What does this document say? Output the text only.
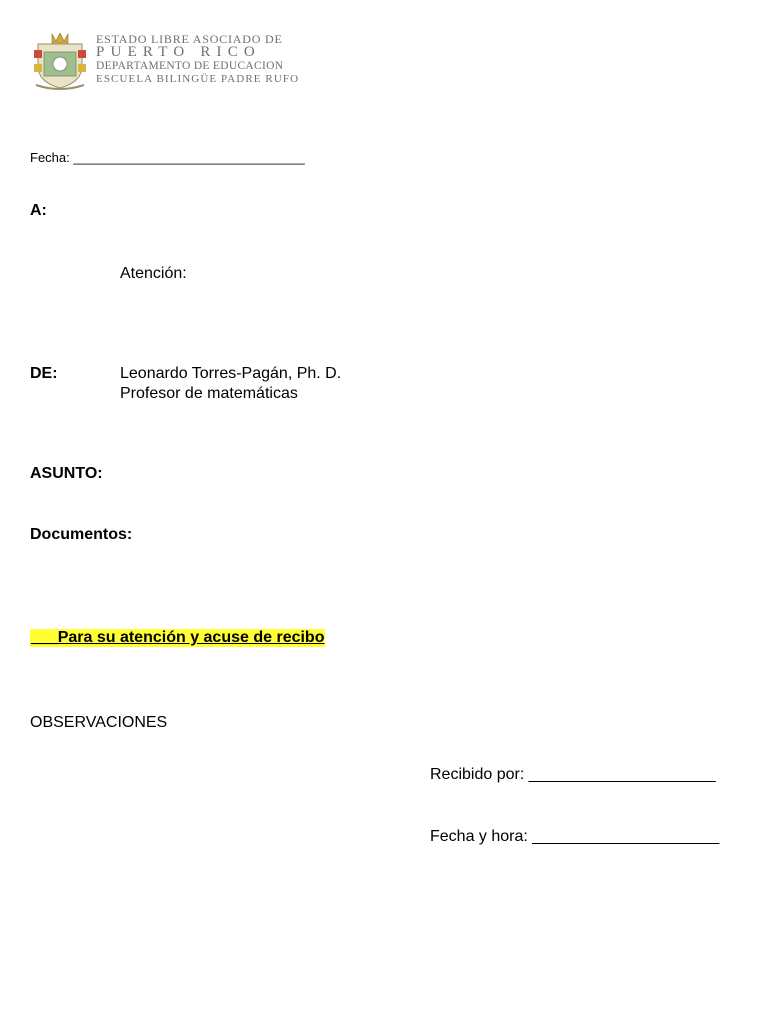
ESTADO LIBRE ASOCIADO DE
PUERTO RICO
DEPARTAMENTO DE EDUCACION
ESCUELA BILINGÜE PADRE RUFO
Fecha: ________________________________
A:
Atención:
DE:	Leonardo Torres-Pagán, Ph. D.
Profesor de matemáticas
ASUNTO:
Documentos:
___Para su atención y acuse de recibo
OBSERVACIONES
Recibido por: _____________________
Fecha y hora: _____________________
